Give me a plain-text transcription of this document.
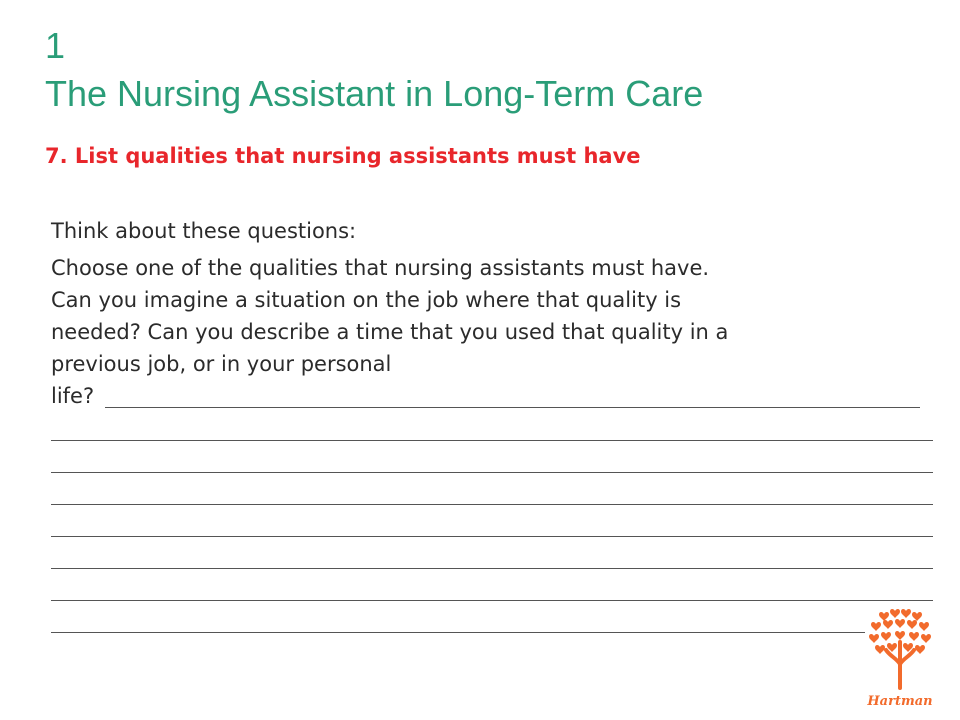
1
The Nursing Assistant in Long-Term Care
7. List qualities that nursing assistants must have

Think about these questions:

Choose one of the qualities that nursing assistants must have.
Can you imagine a situation on the job where that quality is
needed? Can you describe a time that you used that quality in a
previous job, or in your personal
life?

Hartman
